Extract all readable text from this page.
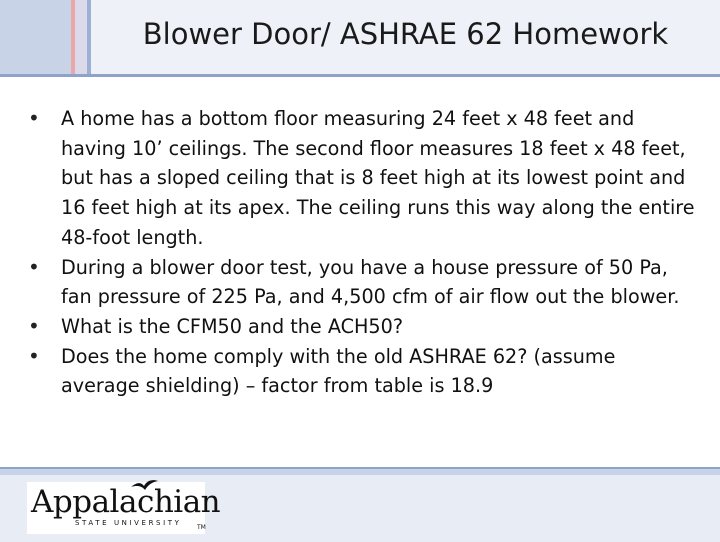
Blower Door/ ASHRAE 62 Homework
• A home has a bottom floor measuring 24 feet x 48 feet and having 10’ ceilings. The second floor measures 18 feet x 48 feet, but has a sloped ceiling that is 8 feet high at its lowest point and 16 feet high at its apex. The ceiling runs this way along the entire 48-foot length.
• During a blower door test, you have a house pressure of 50 Pa, fan pressure of 225 Pa, and 4,500 cfm of air flow out the blower.
• What is the CFM50 and the ACH50?
• Does the home comply with the old ASHRAE 62? (assume average shielding) – factor from table is 18.9
Appalachian
STATE UNIVERSITY
TM
